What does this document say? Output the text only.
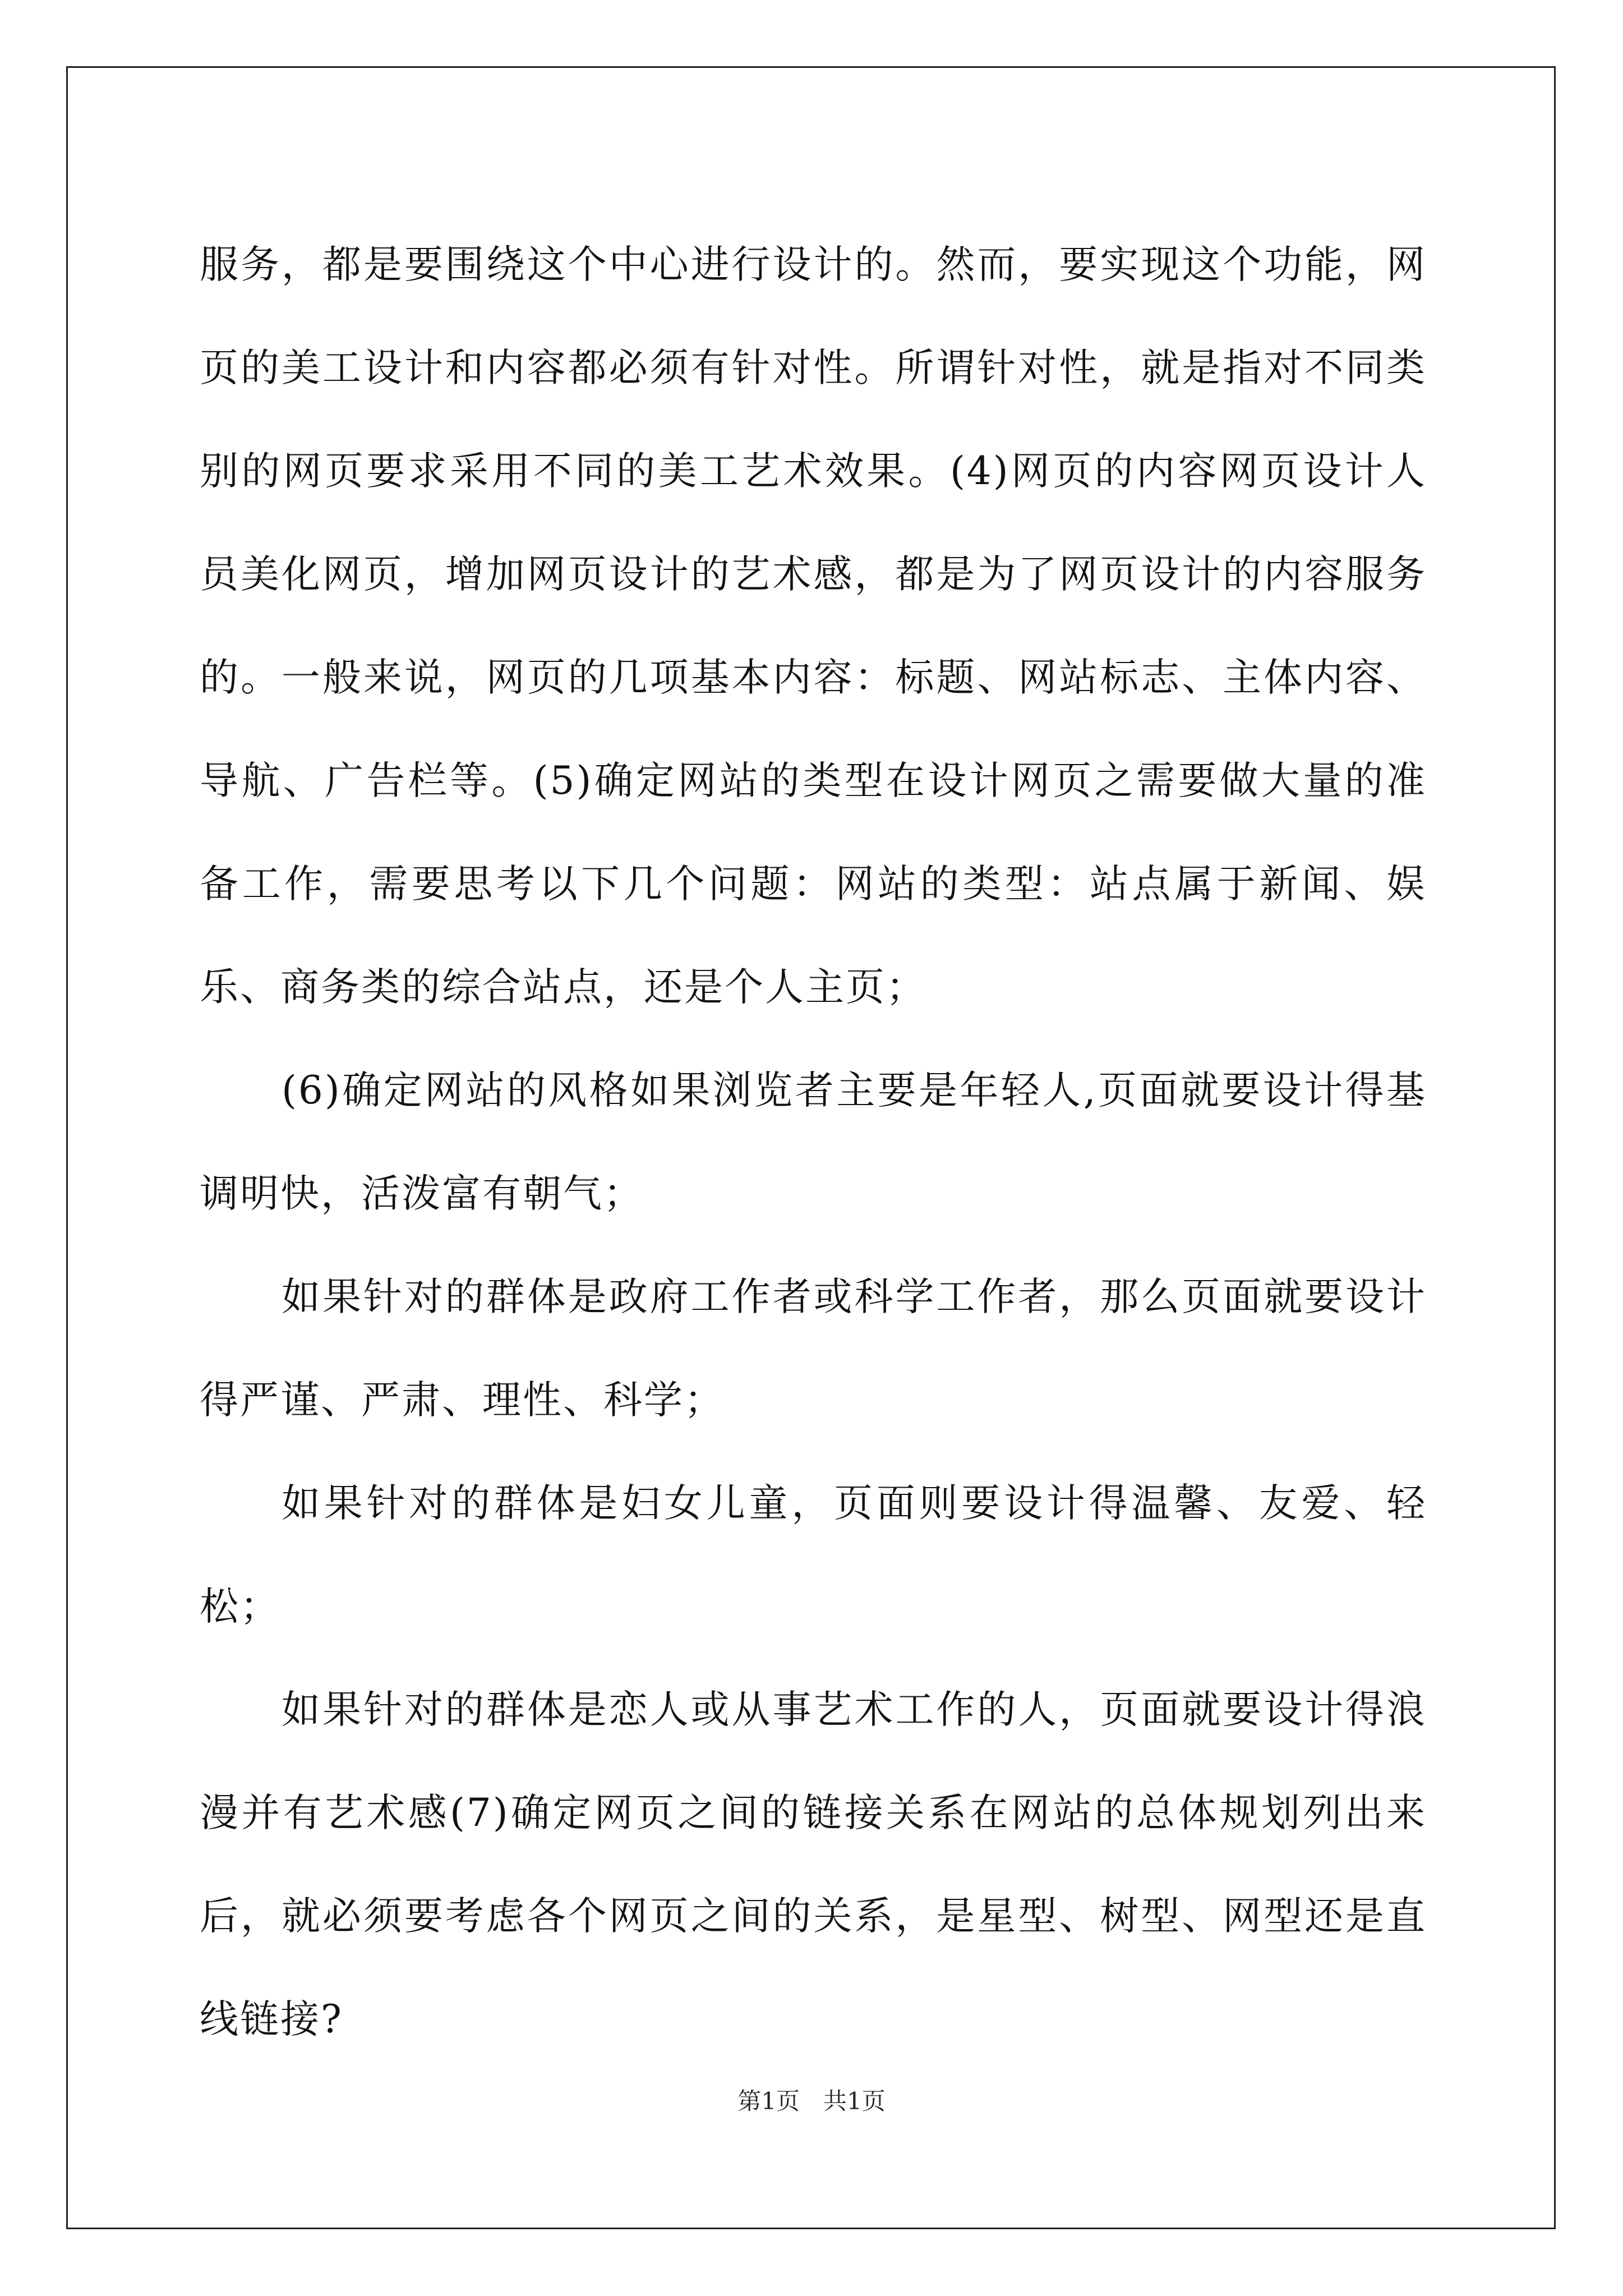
服务，都是要围绕这个中心进行设计的。然而，要实现这个功能，网页的美工设计和内容都必须有针对性。所谓针对性，就是指对不同类别的网页要求采用不同的美工艺术效果。(4)网页的内容网页设计人员美化网页，增加网页设计的艺术感，都是为了网页设计的内容服务的。一般来说，网页的几项基本内容：标题、网站标志、主体内容、导航、广告栏等。(5)确定网站的类型在设计网页之需要做大量的准备工作，需要思考以下几个问题：网站的类型：站点属于新闻、娱乐、商务类的综合站点，还是个人主页；

(6)确定网站的风格如果浏览者主要是年轻人,页面就要设计得基调明快，活泼富有朝气；

如果针对的群体是政府工作者或科学工作者，那么页面就要设计得严谨、严肃、理性、科学；

如果针对的群体是妇女儿童，页面则要设计得温馨、友爱、轻松；

如果针对的群体是恋人或从事艺术工作的人，页面就要设计得浪漫并有艺术感(7)确定网页之间的链接关系在网站的总体规划列出来后，就必须要考虑各个网页之间的关系，是星型、树型、网型还是直线链接?

第1页　共1页
